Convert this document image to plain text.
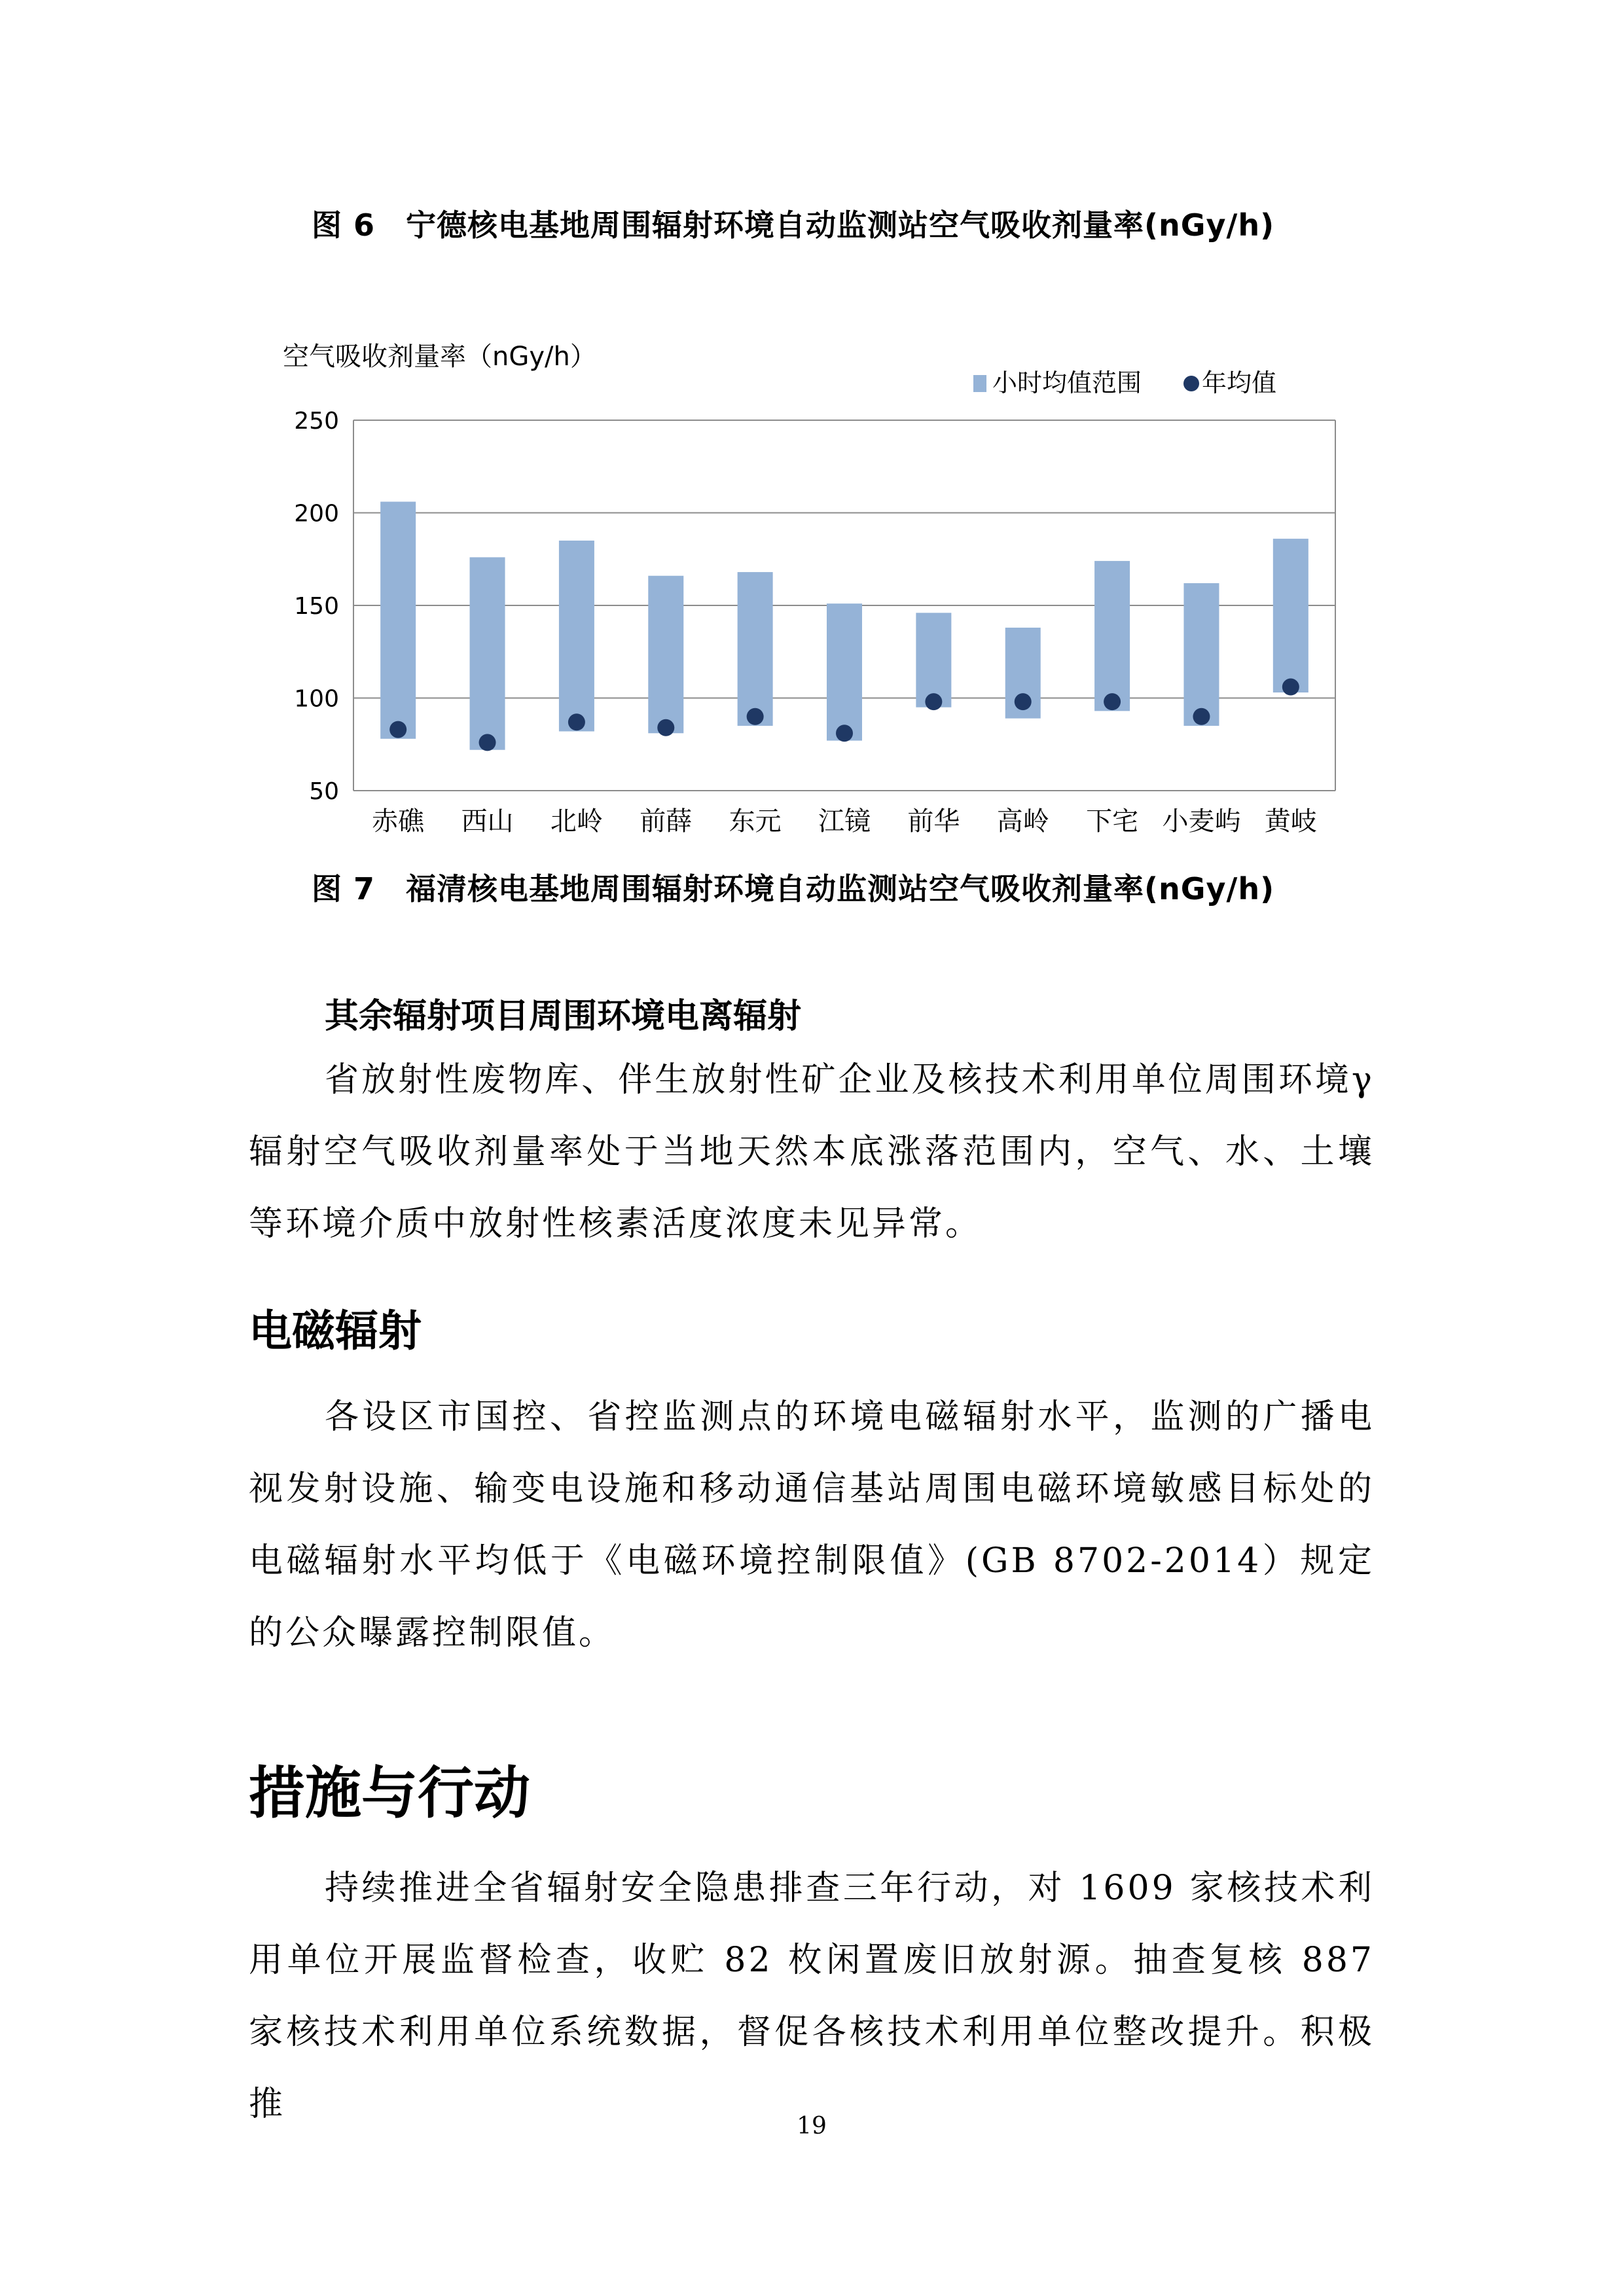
图 6　宁德核电基地周围辐射环境自动监测站空气吸收剂量率(nGy/h)
空气吸收剂量率（nGy/h）
小时均值范围 年均值
250
200
150
100
50
赤礁 西山 北岭 前薛 东元 江镜 前华 高岭 下宅 小麦屿 黄岐
图 7　福清核电基地周围辐射环境自动监测站空气吸收剂量率(nGy/h)
其余辐射项目周围环境电离辐射
省放射性废物库、伴生放射性矿企业及核技术利用单位周围环境γ辐射空气吸收剂量率处于当地天然本底涨落范围内，空气、水、土壤等环境介质中放射性核素活度浓度未见异常。
电磁辐射
各设区市国控、省控监测点的环境电磁辐射水平，监测的广播电视发射设施、输变电设施和移动通信基站周围电磁环境敏感目标处的电磁辐射水平均低于《电磁环境控制限值》(GB 8702-2014）规定的公众曝露控制限值。
措施与行动
持续推进全省辐射安全隐患排查三年行动，对 1609 家核技术利用单位开展监督检查，收贮 82 枚闲置废旧放射源。抽查复核 887 家核技术利用单位系统数据，督促各核技术利用单位整改提升。积极推
19
